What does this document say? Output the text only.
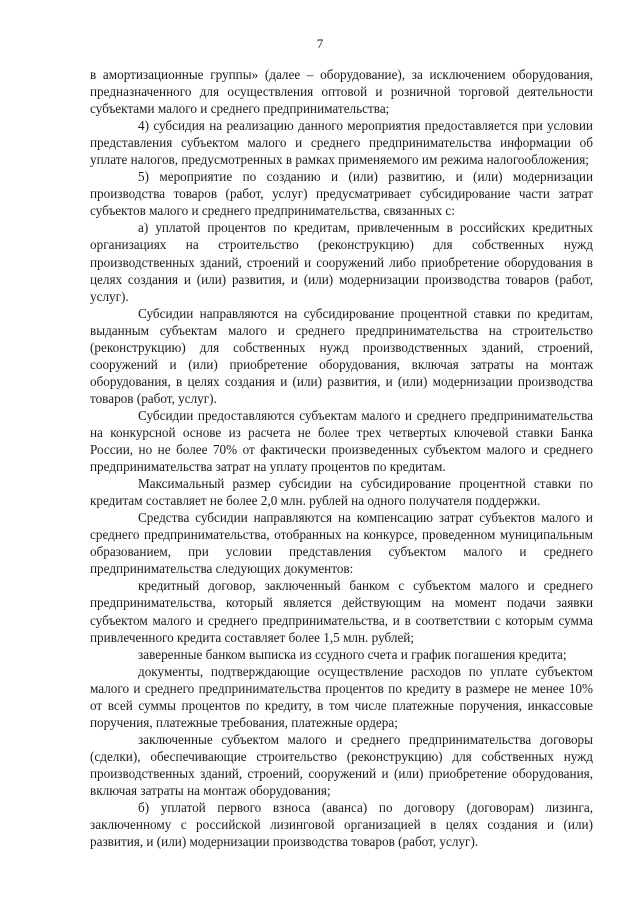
7

в амортизационные группы» (далее – оборудование), за исключением оборудования, предназначенного для осуществления оптовой и розничной торговой деятельности субъектами малого и среднего предпринимательства;

4) субсидия на реализацию данного мероприятия предоставляется при условии представления субъектом малого и среднего предпринимательства информации об уплате налогов, предусмотренных в рамках применяемого им режима налогообложения;

5) мероприятие по созданию и (или) развитию, и (или) модернизации производства товаров (работ, услуг) предусматривает субсидирование части затрат субъектов малого и среднего предпринимательства, связанных с:

а) уплатой процентов по кредитам, привлеченным в российских кредитных организациях на строительство (реконструкцию) для собственных нужд производственных зданий, строений и сооружений либо приобретение оборудования в целях создания и (или) развития, и (или) модернизации производства товаров (работ, услуг).

Субсидии направляются на субсидирование процентной ставки по кредитам, выданным субъектам малого и среднего предпринимательства на строительство (реконструкцию) для собственных нужд производственных зданий, строений, сооружений и (или) приобретение оборудования, включая затраты на монтаж оборудования, в целях создания и (или) развития, и (или) модернизации производства товаров (работ, услуг).

Субсидии предоставляются субъектам малого и среднего предпринимательства на конкурсной основе из расчета не более трех четвертых ключевой ставки Банка России, но не более 70% от фактически произведенных субъектом малого и среднего предпринимательства затрат на уплату процентов по кредитам.

Максимальный размер субсидии на субсидирование процентной ставки по кредитам составляет не более 2,0 млн. рублей на одного получателя поддержки.

Средства субсидии направляются на компенсацию затрат субъектов малого и среднего предпринимательства, отобранных на конкурсе, проведенном муниципальным образованием, при условии представления субъектом малого и среднего предпринимательства следующих документов:

кредитный договор, заключенный банком с субъектом малого и среднего предпринимательства, который является действующим на момент подачи заявки субъектом малого и среднего предпринимательства, и в соответствии с которым сумма привлеченного кредита составляет более 1,5 млн. рублей;

заверенные банком выписка из ссудного счета и график погашения кредита;

документы, подтверждающие осуществление расходов по уплате субъектом малого и среднего предпринимательства процентов по кредиту в размере не менее 10% от всей суммы процентов по кредиту, в том числе платежные поручения, инкассовые поручения, платежные требования, платежные ордера;

заключенные субъектом малого и среднего предпринимательства договоры (сделки), обеспечивающие строительство (реконструкцию) для собственных нужд производственных зданий, строений, сооружений и (или) приобретение оборудования, включая затраты на монтаж оборудования;

б) уплатой первого взноса (аванса) по договору (договорам) лизинга, заключенному с российской лизинговой организацией в целях создания и (или) развития, и (или) модернизации производства товаров (работ, услуг).
